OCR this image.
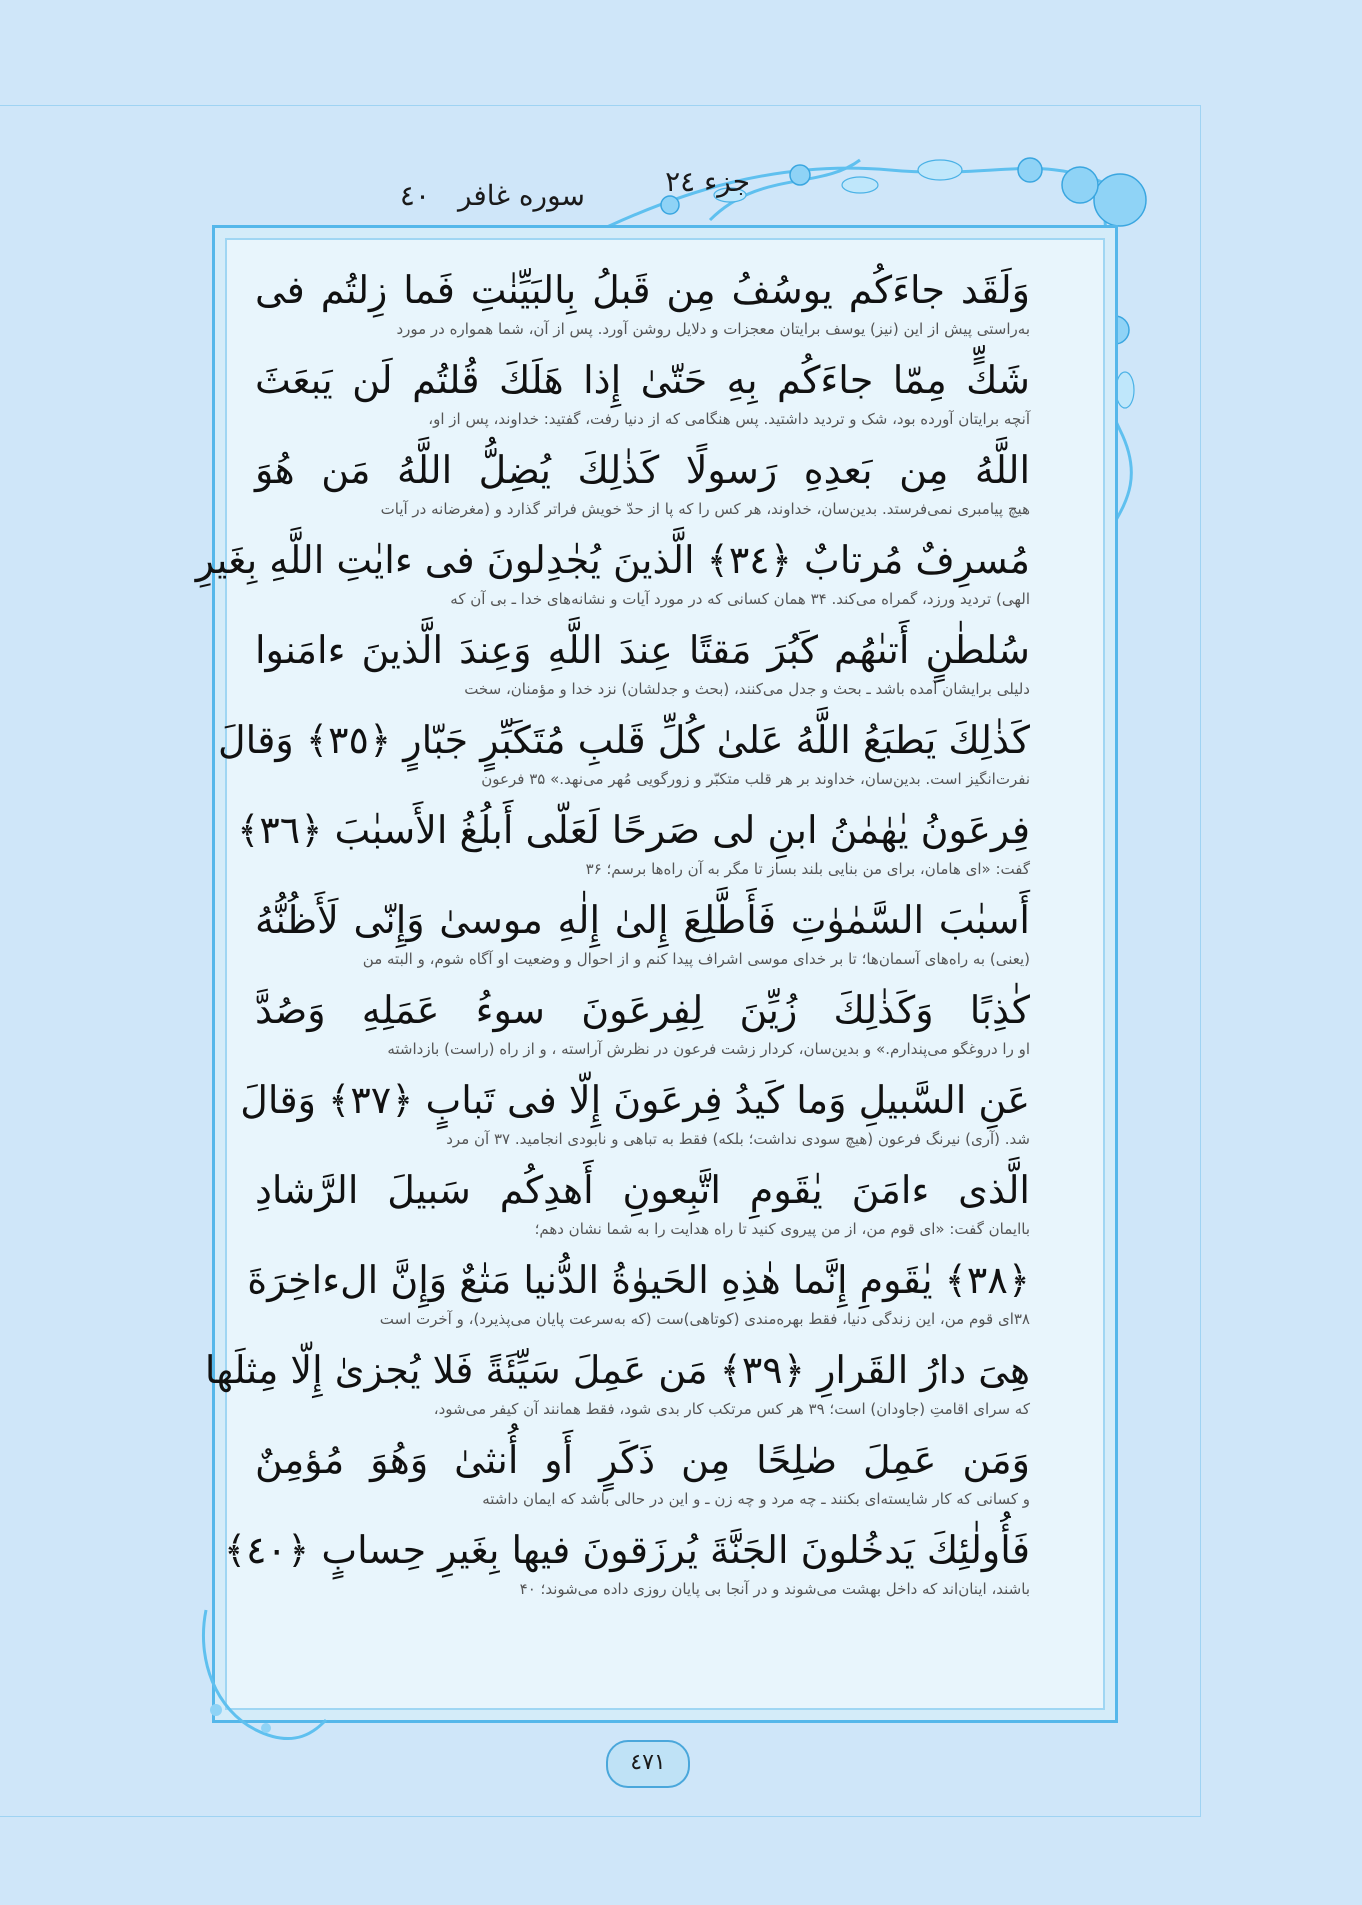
جزء ٢٤
سوره غافر
٤٠
وَلَقَد جاءَكُم يوسُفُ مِن قَبلُ بِالبَيِّنٰتِ فَما زِلتُم فى
به‌راستی پیش از این (نیز) یوسف برایتان معجزات و دلایل روشن آورد. پس از آن، شما همواره در مورد
شَكٍّ مِمّا جاءَكُم بِهِ حَتّىٰ إِذا هَلَكَ قُلتُم لَن يَبعَثَ
آنچه برایتان آورده بود، شک و تردید داشتید. پس هنگامی که از دنیا رفت، گفتید: خداوند، پس از او،
اللَّهُ مِن بَعدِهِ رَسولًا كَذٰلِكَ يُضِلُّ اللَّهُ مَن هُوَ
هیچ پیامبری نمی‌فرستد. بدین‌سان، خداوند، هر کس را که پا از حدّ خویش فراتر گذارد و (مغرضانه در آیات
مُسرِفٌ مُرتابٌ ﴿٣٤﴾ الَّذينَ يُجٰدِلونَ فى ءايٰتِ اللَّهِ بِغَيرِ
الهی) تردید ورزد، گمراه می‌کند. ۳۴ همان کسانی که در مورد آیات و نشانه‌های خدا ـ بی آن که
سُلطٰنٍ أَتىٰهُم كَبُرَ مَقتًا عِندَ اللَّهِ وَعِندَ الَّذينَ ءامَنوا
دلیلی برایشان آمده باشد ـ بحث و جدل می‌کنند، (بحث و جدلشان) نزد خدا و مؤمنان، سخت
كَذٰلِكَ يَطبَعُ اللَّهُ عَلىٰ كُلِّ قَلبِ مُتَكَبِّرٍ جَبّارٍ ﴿٣٥﴾ وَقالَ
نفرت‌انگیز است. بدین‌سان، خداوند بر هر قلب متکبّر و زورگویی مُهر می‌نهد.» ۳۵ فرعون
فِرعَونُ يٰهٰمٰنُ ابنِ لى صَرحًا لَعَلّى أَبلُغُ الأَسبٰبَ ﴿٣٦﴾
گفت: «ای هامان، برای من بنایی بلند بساز تا مگر به آن راه‌ها برسم؛ ۳۶
أَسبٰبَ السَّمٰوٰتِ فَأَطَّلِعَ إِلىٰ إِلٰهِ موسىٰ وَإِنّى لَأَظُنُّهُ
(یعنی) به راه‌های آسمان‌ها؛ تا بر خدای موسی اشراف پیدا کنم و از احوال و وضعیت او آگاه شوم، و البته من
كٰذِبًا وَكَذٰلِكَ زُيِّنَ لِفِرعَونَ سوءُ عَمَلِهِ وَصُدَّ
او را دروغگو می‌پندارم.» و بدین‌سان، کردار زشت فرعون در نظرش آراسته ، و از راه (راست) بازداشته
عَنِ السَّبيلِ وَما كَيدُ فِرعَونَ إِلّا فى تَبابٍ ﴿٣٧﴾ وَقالَ
شد. (آری) نیرنگ فرعون (هیچ سودی نداشت؛ بلکه) فقط به تباهی و نابودی انجامید. ۳۷ آن مرد
الَّذى ءامَنَ يٰقَومِ اتَّبِعونِ أَهدِكُم سَبيلَ الرَّشادِ
باایمان گفت: «ای قوم من، از من پیروی کنید تا راه هدایت را به شما نشان دهم؛
﴿٣٨﴾ يٰقَومِ إِنَّما هٰذِهِ الحَيوٰةُ الدُّنيا مَتٰعٌ وَإِنَّ الءاخِرَةَ
۳۸ای قوم من، این زندگی دنیا، فقط بهره‌مندی (کوتاهی)ست (که به‌سرعت پایان می‌پذیرد)، و آخرت است
هِىَ دارُ القَرارِ ﴿٣٩﴾ مَن عَمِلَ سَيِّئَةً فَلا يُجزىٰ إِلّا مِثلَها
که سرای اقامتِ (جاودان) است؛ ۳۹ هر کس مرتکب کار بدی شود، فقط همانند آن کیفر می‌شود،
وَمَن عَمِلَ صٰلِحًا مِن ذَكَرٍ أَو أُنثىٰ وَهُوَ مُؤمِنٌ
و کسانی که کار شایسته‌ای بکنند ـ چه مرد و چه زن ـ و این در حالی باشد که ایمان داشته
فَأُولٰئِكَ يَدخُلونَ الجَنَّةَ يُرزَقونَ فيها بِغَيرِ حِسابٍ ﴿٤٠﴾
باشند، اینان‌اند که داخل بهشت می‌شوند و در آنجا بی پایان روزی داده می‌شوند؛ ۴۰
٤٧١
